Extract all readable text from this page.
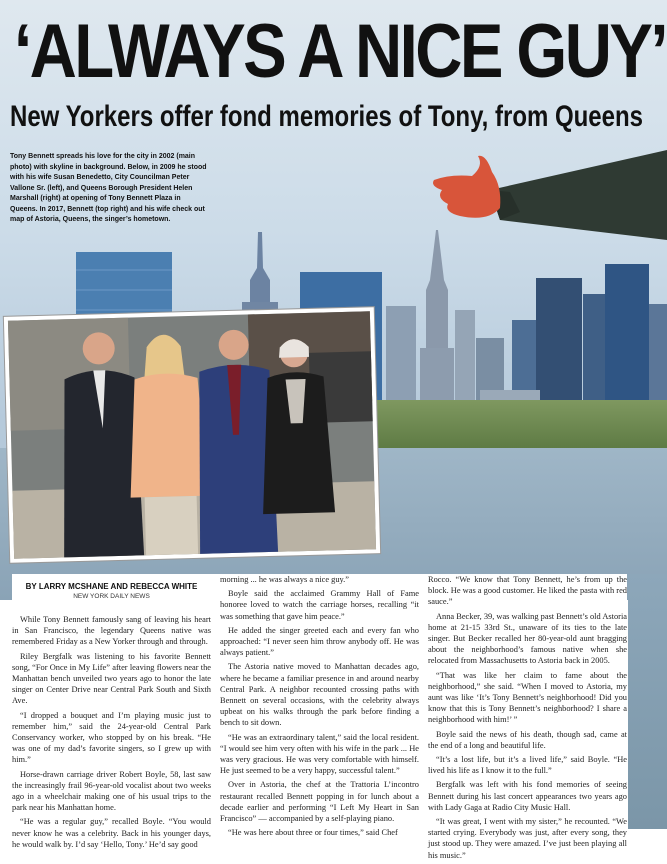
‘ALWAYS A NICE GUY’
New Yorkers offer fond memories of Tony, from Queens
Tony Bennett spreads his love for the city in 2002 (main photo) with skyline in background. Below, in 2009 he stood with his wife Susan Benedetto, City Councilman Peter Vallone Sr. (left), and Queens Borough President Helen Marshall (right) at opening of Tony Bennett Plaza in Queens. In 2017, Bennett (top right) and his wife check out map of Astoria, Queens, the singer’s hometown.
BY LARRY MCSHANE AND REBECCA WHITE
NEW YORK DAILY NEWS

While Tony Bennett famously sang of leaving his heart in San Francisco, the legendary Queens native was remembered Friday as a New Yorker through and through.

Riley Bergfalk was listening to his favorite Bennett song, “For Once in My Life” after leaving flowers near the Manhattan bench unveiled two years ago to honor the late singer on Center Drive near Central Park South and Sixth Ave.

“I dropped a bouquet and I’m playing music just to remember him,” said the 24-year-old Central Park Conservancy worker, who stopped by on his break. “He was one of my dad’s favorite singers, so I grew up with him.”

Horse-drawn carriage driver Robert Boyle, 58, last saw the increasingly frail 96-year-old vocalist about two weeks ago in a wheelchair making one of his usual trips to the park near his Manhattan home.

“He was a regular guy,” recalled Boyle. “You would never know he was a celebrity. Back in his younger days, he would walk by. I’d say ‘Hello, Tony.’ He’d say good

morning ... he was always a nice guy.”

Boyle said the acclaimed Grammy Hall of Fame honoree loved to watch the carriage horses, recalling “it was something that gave him peace.”

He added the singer greeted each and every fan who approached: “I never seen him throw anybody off. He was always patient.”

The Astoria native moved to Manhattan decades ago, where he became a familiar presence in and around nearby Central Park. A neighbor recounted crossing paths with Bennett on several occasions, with the celebrity always upbeat on his walks through the park before finding a bench to sit down.

“He was an extraordinary talent,” said the local resident. “I would see him very often with his wife in the park ... He was very gracious. He was very comfortable with himself. He just seemed to be a very happy, successful talent.”

Over in Astoria, the chef at the Trattoria L’incontro restaurant recalled Bennett popping in for lunch about a decade earlier and performing “I Left My Heart in San Francisco” — accompanied by a self-playing piano.

“He was here about three or four times,” said Chef

Rocco. “We know that Tony Bennett, he’s from up the block. He was a good customer. He liked the pasta with red sauce.”

Anna Becker, 39, was walking past Bennett’s old Astoria home at 21-15 33rd St., unaware of its ties to the late singer. But Becker recalled her 80-year-old aunt bragging about the neighborhood’s famous native when she relocated from Massachusetts to Astoria back in 2005.

“That was like her claim to fame about the neighborhood,” she said. “When I moved to Astoria, my aunt was like ‘It’s Tony Bennett’s neighborhood! Did you know that this is Tony Bennett’s neighborhood? I share a neighborhood with him!’ ”

Boyle said the news of his death, though sad, came at the end of a long and beautiful life.

“It’s a lost life, but it’s a lived life,” said Boyle. “He lived his life as I know it to the full.”

Bergfalk was left with his fond memories of seeing Bennett during his last concert appearances two years ago with Lady Gaga at Radio City Music Hall.

“It was great, I went with my sister,” he recounted. “We started crying. Everybody was just, after every song, they just stood up. They were amazed. I’ve just been playing all his music.”
